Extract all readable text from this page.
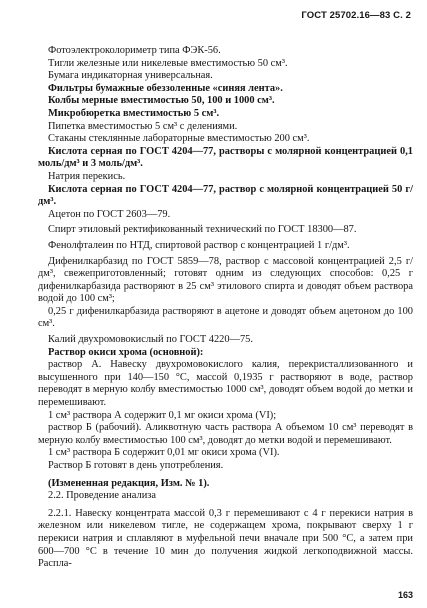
ГОСТ 25702.16—83 С. 2

Фотоэлектроколориметр типа ФЭК-56.

Тигли железные или никелевые вместимостью 50 см³.

Бумага индикаторная универсальная.

Фильтры бумажные обеззоленные «синяя лента».

Колбы мерные вместимостью 50, 100 и 1000 см³.

Микробюретка вместимостью 5 см³.

Пипетка вместимостью 5 см³ с делениями.

Стаканы стеклянные лабораторные вместимостью 200 см³.

Кислота серная по ГОСТ 4204—77, растворы с молярной концентрацией 0,1 моль/дм³ и 3 моль/дм³.

Натрия перекись.

Кислота серная по ГОСТ 4204—77, раствор с молярной концентрацией 50 г/дм³.

Ацетон по ГОСТ 2603—79.

Спирт этиловый ректификованный технический по ГОСТ 18300—87.

Фенолфталеин по НТД, спиртовой раствор с концентрацией 1 г/дм³.

Дифенилкарбазид по ГОСТ 5859—78, раствор с массовой концентрацией 2,5 г/дм³, свежеприготовленный; готовят одним из следующих способов: 0,25 г дифенилкарбазида растворяют в 25 см³ этилового спирта и доводят объем раствора водой до 100 см³;

0,25 г дифенилкарбазида растворяют в ацетоне и доводят объем ацетоном до 100 см³.

Калий двухромовокислый по ГОСТ 4220—75.

Раствор окиси хрома (основной):

раствор А. Навеску двухромовокислого калия, перекристаллизованного и высушенного при 140—150 °С, массой 0,1935 г растворяют в воде, раствор переводят в мерную колбу вместимостью 1000 см³, доводят объем водой до метки и перемешивают.

1 см³ раствора А содержит 0,1 мг окиси хрома (VI);

раствор Б (рабочий). Аликвотную часть раствора А объемом 10 см³ переводят в мерную колбу вместимостью 100 см³, доводят до метки водой и перемешивают.

1 см³ раствора Б содержит 0,01 мг окиси хрома (VI).

Раствор Б готовят в день употребления.

(Измененная редакция, Изм. № 1).

2.2. Проведение анализа

2.2.1. Навеску концентрата массой 0,3 г перемешивают с 4 г перекиси натрия в железном или никелевом тигле, не содержащем хрома, покрывают сверху 1 г перекиси натрия и сплавляют в муфельной печи вначале при 500 °С, а затем при 600—700 °С в течение 10 мин до получения жидкой легкоподвижной массы. Распла-

163
